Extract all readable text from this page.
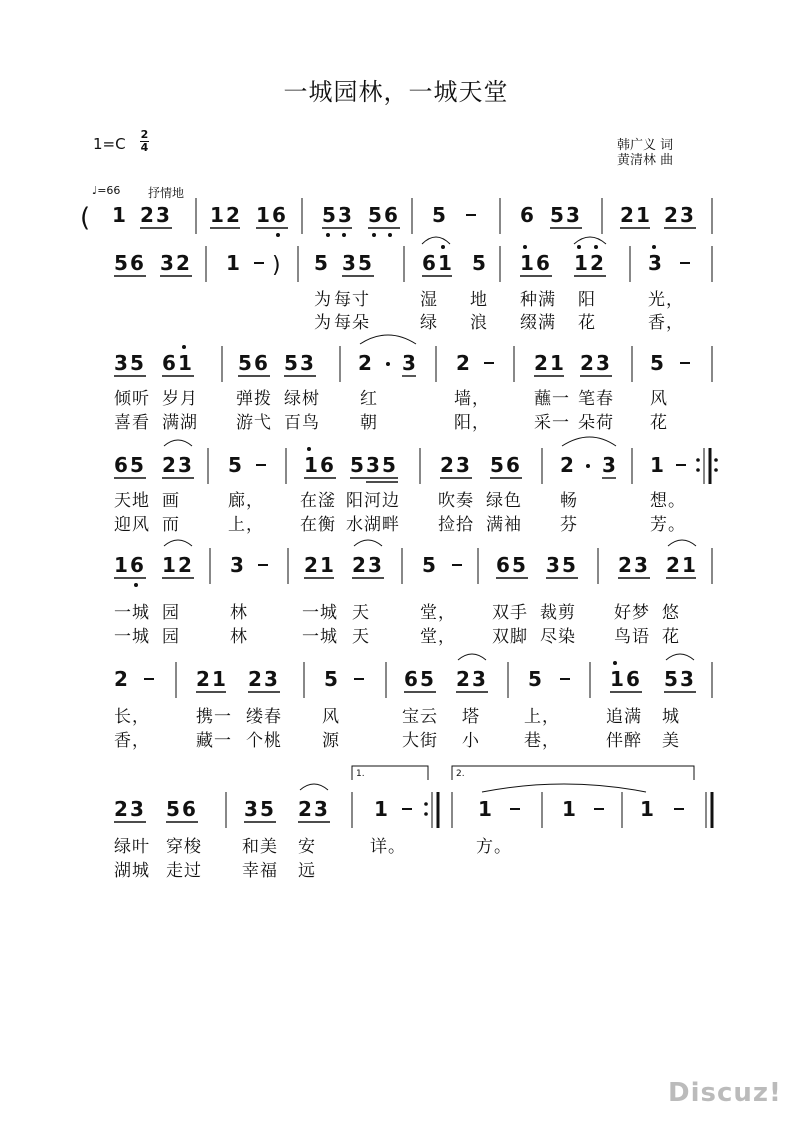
一城园林，一城天堂
1=C
2
4	韩广义 词
黄清林 曲
♩=66 抒情地
( 1 2 3 1 2 1 6 5 3 5 6 5	6 5 3 2 1 2 3
5 6 3 2 1 ) 5 3 5	6 1 5 1 6 1 2 3
3 5 6 1 5 6 5 3 2 3 2	2 1 2 3 5
6 5 2 3 5	1 6 5 3 5 2 3 5 6 2 3 1
1 6 1 2 3	2 1 2 3 5	6 5 3 5 2 3 2 1
2	2 1 2 3 5	6 5 2 3 5	1 6 5 3
1.	2.
2 3 5 6 3 5 2 3 1	1	1	1
为 每寸	湿 地 种满 阳	光，
为 每朵	绿 浪 缀满 花	香，
倾听 岁月 弹拨 绿树 红	墙，	蘸一 笔春 风
喜看 满湖 游弋 百鸟 朝	阳，	采一 朵荷 花
天地 画	廊， 在滏 阳河边 吹奏 绿色 畅	想。
迎风 而	上， 在衡 水湖畔 捡拾 满袖 芬	芳。
一城 园	林	一城 天	堂， 双手 裁剪 好梦 悠
一城 园	林	一城 天	堂， 双脚 尽染 鸟语 花
长，	携一 缕春 风	宝云 塔	上，	追满 城
香，	藏一 个桃 源	大街 小	巷，	伴醉 美
绿叶 穿梭 和美 安	详。	方。
湖城 走过 幸福 远
Discuz!
